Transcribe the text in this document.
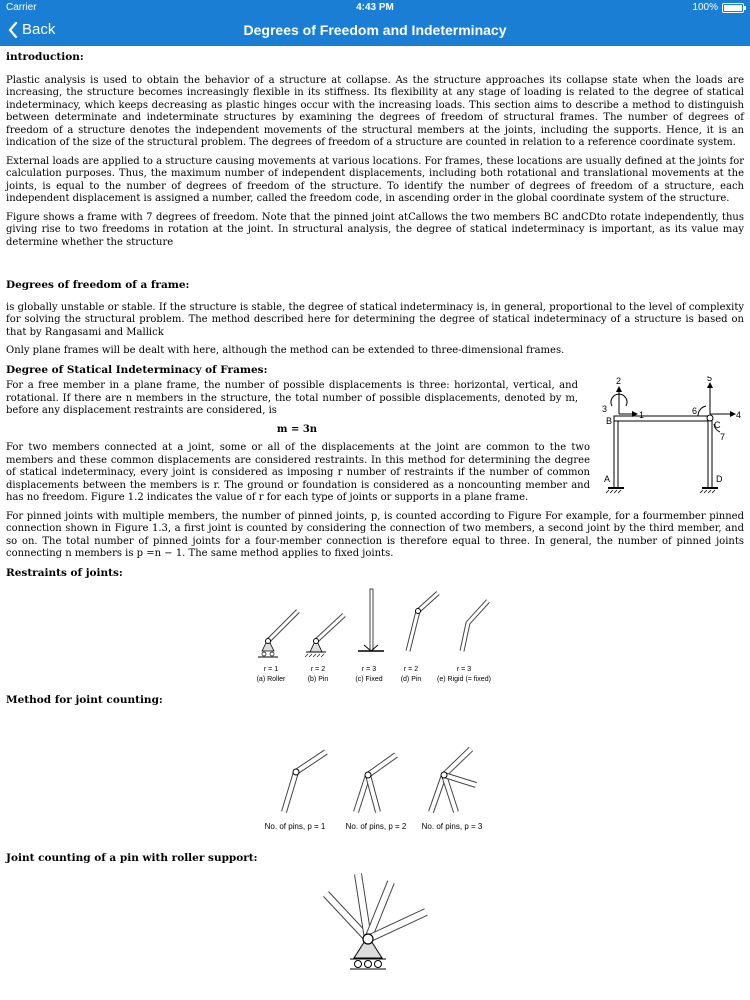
Carrier	4:43 PM	100%
Back	Degrees of Freedom and Indeterminacy
introduction:

Plastic analysis is used to obtain the behavior of a structure at collapse. As the structure approaches its collapse state when the loads are increasing, the structure becomes increasingly flexible in its stiffness. Its flexibility at any stage of loading is related to the degree of statical indeterminacy, which keeps decreasing as plastic hinges occur with the increasing loads. This section aims to describe a method to distinguish between determinate and indeterminate structures by examining the degrees of freedom of structural frames. The number of degrees of freedom of a structure denotes the independent movements of the structural members at the joints, including the supports. Hence, it is an indication of the size of the structural problem. The degrees of freedom of a structure are counted in relation to a reference coordinate system.

External loads are applied to a structure causing movements at various locations. For frames, these locations are usually defined at the joints for calculation purposes. Thus, the maximum number of independent displacements, including both rotational and translational movements at the joints, is equal to the number of degrees of freedom of the structure. To identify the number of degrees of freedom of a structure, each independent displacement is assigned a number, called the freedom code, in ascending order in the global coordinate system of the structure.

Figure shows a frame with 7 degrees of freedom. Note that the pinned joint atCallows the two members BC andCDto rotate independently, thus giving rise to two freedoms in rotation at the joint. In structural analysis, the degree of statical indeterminacy is important, as its value may determine whether the structure

Degrees of freedom of a frame:

is globally unstable or stable. If the structure is stable, the degree of statical indeterminacy is, in general, proportional to the level of complexity for solving the structural problem. The method described here for determining the degree of statical indeterminacy of a structure is based on that by Rangasami and Mallick

Only plane frames will be dealt with here, although the method can be extended to three-dimensional frames.

Degree of Statical Indeterminacy of Frames:
2
1
3
5
4
6
7
B	C
A	D

For a free member in a plane frame, the number of possible displacements is three: horizontal, vertical, and rotational. If there are n members in the structure, the total number of possible displacements, denoted by m, before any displacement restraints are considered, is

m = 3n

For two members connected at a joint, some or all of the displacements at the joint are common to the two members and these common displacements are considered restraints. In this method for determining the degree of statical indeterminacy, every joint is considered as imposing r number of restraints if the number of common displacements between the members is r. The ground or foundation is considered as a noncounting member and has no freedom. Figure 1.2 indicates the value of r for each type of joints or supports in a plane frame.

For pinned joints with multiple members, the number of pinned joints, p, is counted according to Figure For example, for a fourmember pinned connection shown in Figure 1.3, a first joint is counted by considering the connection of two members, a second joint by the third member, and so on. The total number of pinned joints for a four-member connection is therefore equal to three. In general, the number of pinned joints connecting n members is p =n − 1. The same method applies to fixed joints.

Restraints of joints:
r = 1
(a) Roller
r = 2
(b) Pin
r = 3
(c) Fixed
r = 2
(d) Pin
r = 3
(e) Rigid (= fixed)
Method for joint counting:
No. of pins, p = 1	No. of pins, p = 2 No. of pins, p = 3
Joint counting of a pin with roller support:
